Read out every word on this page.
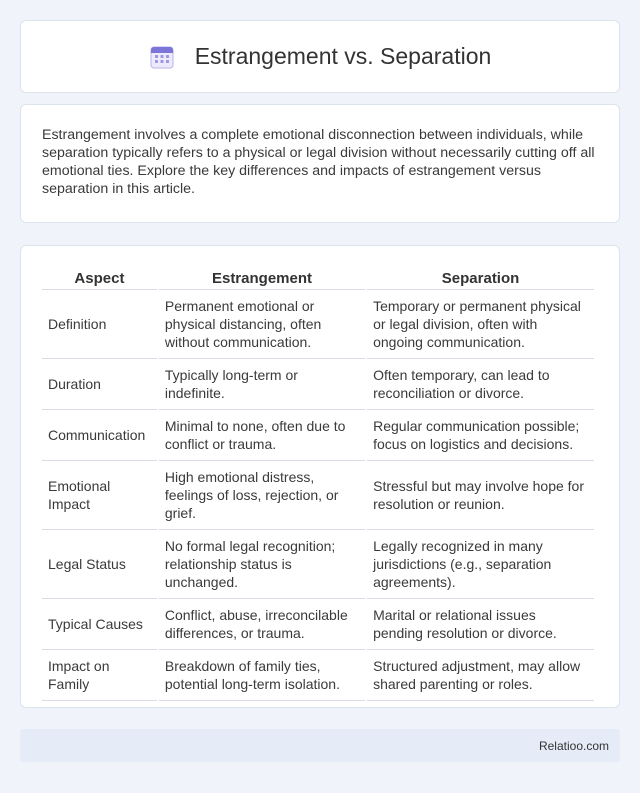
Estrangement vs. Separation

Estrangement involves a complete emotional disconnection between individuals, while separation typically refers to a physical or legal division without necessarily cutting off all emotional ties. Explore the key differences and impacts of estrangement versus separation in this article.

Aspect	Estrangement	Separation
Definition	Permanent emotional or physical distancing, often without communication.	Temporary or permanent physical or legal division, often with ongoing communication.
Duration	Typically long-term or indefinite.	Often temporary, can lead to reconciliation or divorce.
Communication	Minimal to none, often due to conflict or trauma.	Regular communication possible; focus on logistics and decisions.
Emotional Impact	High emotional distress, feelings of loss, rejection, or grief.	Stressful but may involve hope for resolution or reunion.
Legal Status	No formal legal recognition; relationship status is unchanged.	Legally recognized in many jurisdictions (e.g., separation agreements).
Typical Causes	Conflict, abuse, irreconcilable differences, or trauma.	Marital or relational issues pending resolution or divorce.
Impact on Family	Breakdown of family ties, potential long-term isolation.	Structured adjustment, may allow shared parenting or roles.
Relatioo.com
